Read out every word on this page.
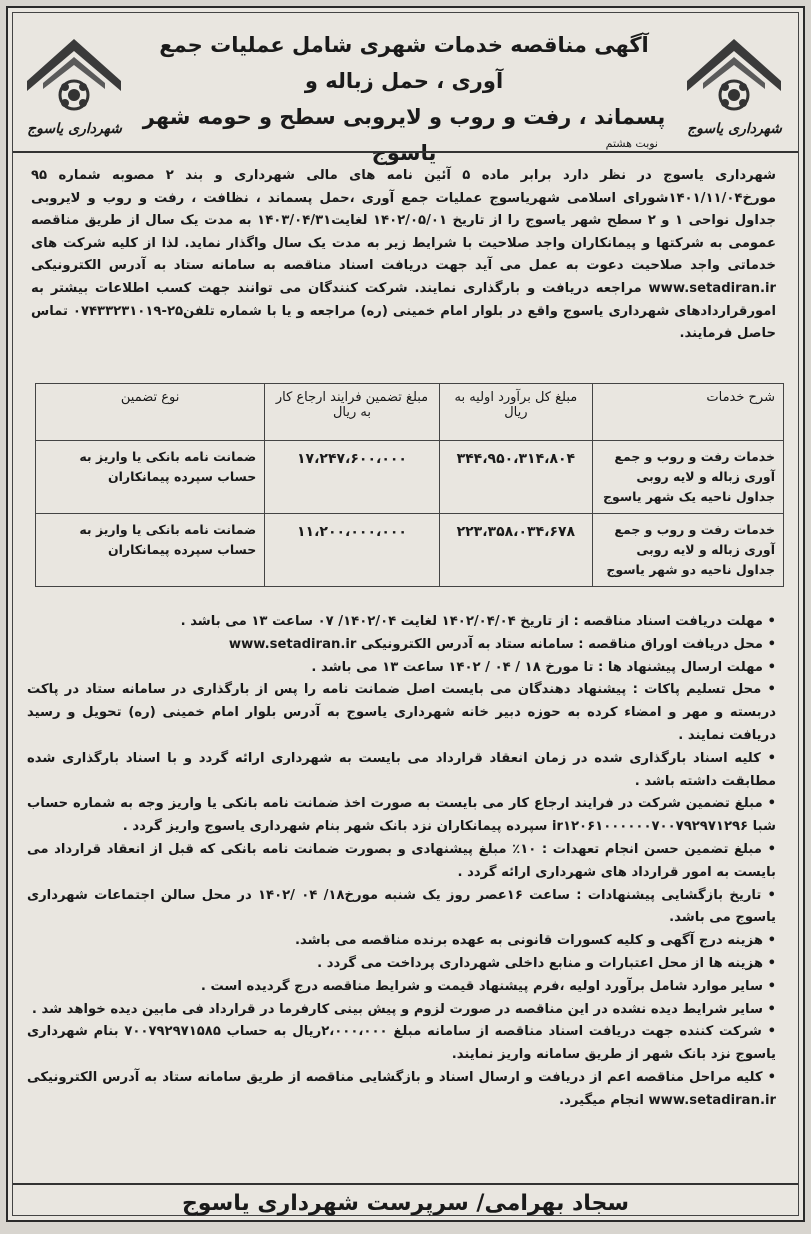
شهرداری یاسوج
شهرداری یاسوج
آگهی مناقصه خدمات شهری شامل عملیات جمع آوری ، حمل زباله و
پسماند ، رفت و روب و لایروبی سطح و حومه شهر یاسوج	نوبت هشتم
شهرداری یاسوج در نظر دارد برابر ماده ۵ آئین نامه های مالی شهرداری و بند ۲ مصوبه شماره ۹۵ مورخ۱۴۰۱/۱۱/۰۴شورای اسلامی شهریاسوج عملیات جمع آوری ،حمل پسماند ، نظافت ، رفت و روب و لایروبی جداول نواحی ۱ و ۲ سطح شهر یاسوج را از تاریخ ۱۴۰۲/۰۵/۰۱ لغایت۱۴۰۳/۰۴/۳۱ به مدت یک سال از طریق مناقصه عمومی به شرکتها و پیمانکاران واجد صلاحیت با شرایط زیر به مدت یک سال واگذار نماید. لذا از کلیه شرکت های خدماتی واجد صلاحیت دعوت به عمل می آید جهت دریافت اسناد مناقصه به سامانه ستاد به آدرس الکترونیکی www.setadiran.ir مراجعه دریافت و بارگذاری نمایند. شرکت کنندگان می توانند جهت کسب اطلاعات بیشتر به امورقراردادهای شهرداری یاسوج واقع در بلوار امام خمینی (ره) مراجعه و یا با شماره تلفن۲۵-۰۷۴۳۳۲۳۱۰۱۹ تماس حاصل فرمایند.
شرح خدمات	مبلغ کل برآورد اولیه به ریال	مبلغ تضمین فرایند ارجاع کار به ریال	نوع تضمین
خدمات رفت و روب و جمع آوری زباله و لایه روبی جداول ناحیه یک شهر یاسوج	۳۴۴،۹۵۰،۳۱۴،۸۰۴	۱۷،۲۴۷،۶۰۰،۰۰۰	ضمانت نامه بانکی یا واریز به حساب سپرده پیمانکاران
خدمات رفت و روب و جمع آوری زباله و لایه روبی جداول ناحیه دو شهر یاسوج	۲۲۳،۳۵۸،۰۳۴،۶۷۸	۱۱،۲۰۰،۰۰۰،۰۰۰	ضمانت نامه بانکی یا واریز به حساب سپرده پیمانکاران

• مهلت دریافت اسناد مناقصه : از تاریخ ۱۴۰۲/۰۴/۰۴ لغایت ۱۴۰۲/۰۴/ ۰۷ ساعت ۱۳ می باشد .

• محل دریافت اوراق مناقصه : سامانه ستاد به آدرس الکترونیکی www.setadiran.ir

• مهلت ارسال پیشنهاد ها : تا مورخ ۱۸ / ۰۴ / ۱۴۰۲ ساعت ۱۳ می باشد .

• محل تسلیم پاکات : پیشنهاد دهندگان می بایست اصل ضمانت نامه را پس از بارگذاری در سامانه ستاد در پاکت دربسته و مهر و امضاء کرده به حوزه دبیر خانه شهرداری یاسوج به آدرس بلوار امام خمینی (ره) تحویل و رسید دریافت نمایند .

• کلیه اسناد بارگذاری شده در زمان انعقاد قرارداد می بایست به شهرداری ارائه گردد و با اسناد بارگذاری شده مطابقت داشته باشد .

• مبلغ تضمین شرکت در فرایند ارجاع کار می بایست به صورت اخذ ضمانت نامه بانکی یا واریز وجه به شماره حساب شبا ir۱۲۰۶۱۰۰۰۰۰۰۷۰۰۷۹۲۹۷۱۲۹۶ سپرده پیمانکاران نزد بانک شهر بنام شهرداری یاسوج واریز گردد .

• مبلغ تضمین حسن انجام تعهدات : ۱۰٪ مبلغ پیشنهادی و بصورت ضمانت نامه بانکی که قبل از انعقاد قرارداد می بایست به امور قرارداد های شهرداری ارائه گردد .

• تاریخ بازگشایی پیشنهادات : ساعت ۱۶عصر روز یک شنبه مورخ۱۸/ ۰۴ /۱۴۰۲ در محل سالن اجتماعات شهرداری یاسوج می باشد.

• هزینه درج آگهی و کلیه کسورات قانونی به عهده برنده مناقصه می باشد.

• هزینه ها از محل اعتبارات و منابع داخلی شهرداری پرداخت می گردد .

• سایر موارد شامل برآورد اولیه ،فرم پیشنهاد قیمت و شرایط مناقصه درج گردیده است .

• سایر شرایط دیده نشده در این مناقصه در صورت لزوم و پیش بینی کارفرما در قرارداد فی مابین دیده خواهد شد .

• شرکت کننده جهت دریافت اسناد مناقصه از سامانه مبلغ ۲،۰۰۰،۰۰۰ریال به حساب ۷۰۰۷۹۲۹۷۱۵۸۵ بنام شهرداری یاسوج نزد بانک شهر از طریق سامانه واریز نمایند.

• کلیه مراحل مناقصه اعم از دریافت و ارسال اسناد و بازگشایی مناقصه از طریق سامانه ستاد به آدرس الکترونیکی www.setadiran.ir انجام میگیرد.

سجاد بهرامی/ سرپرست شهرداری یاسوج
